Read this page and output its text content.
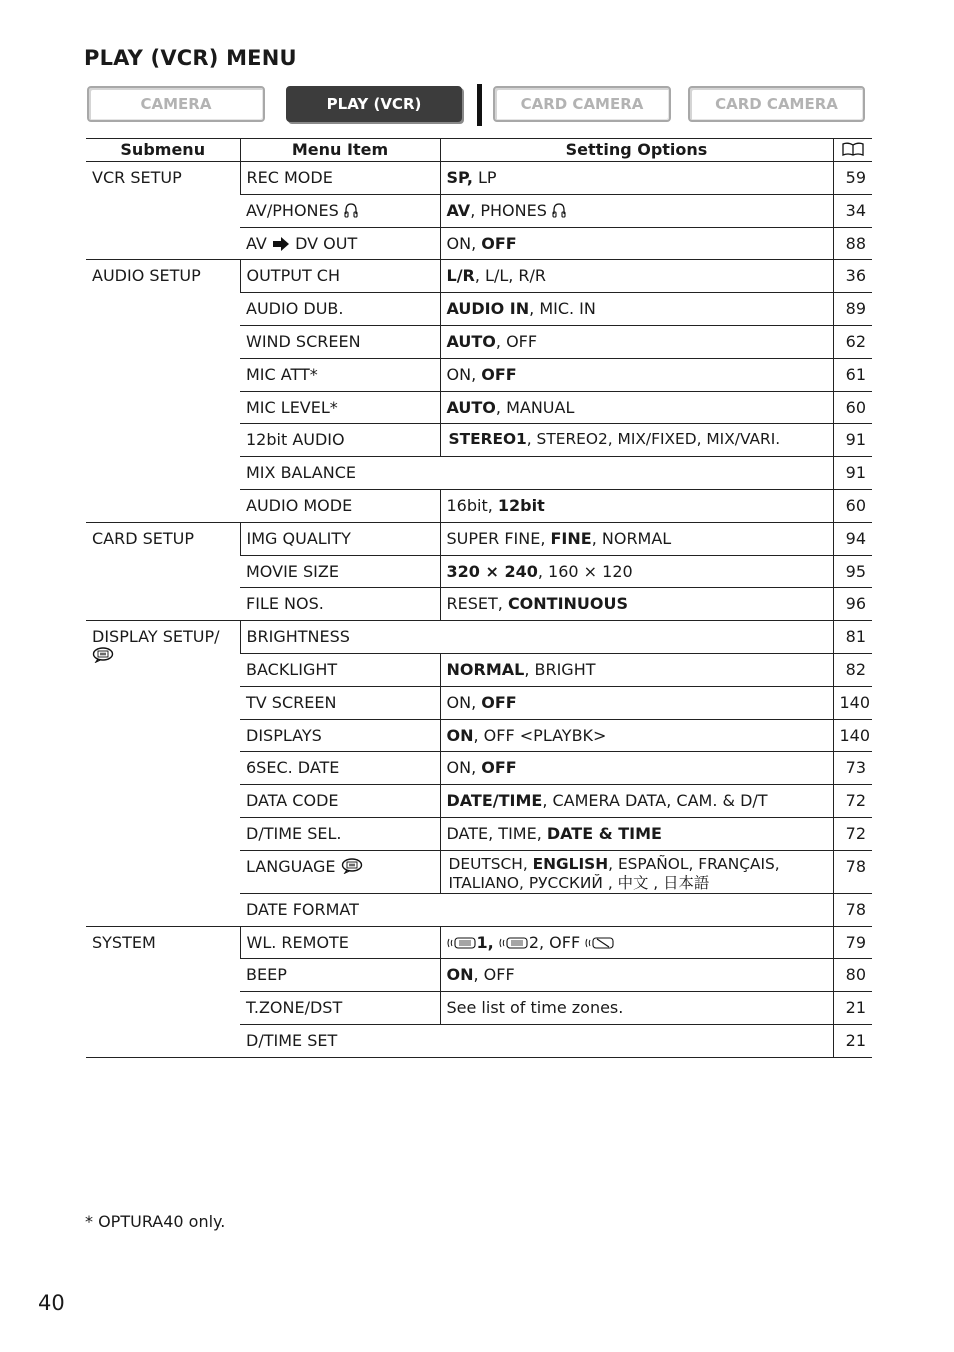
PLAY (VCR) MENU
CAMERA	PLAY (VCR)	CARD CAMERA	CARD CAMERA
Submenu	Menu Item	Setting Options	
VCR SETUP	REC MODE	SP, LP	59
	AV/PHONES	AV, PHONES	34
	AV DV OUT	ON, OFF	88
AUDIO SETUP	OUTPUT CH	L/R, L/L, R/R	36
	AUDIO DUB.	AUDIO IN, MIC. IN	89
	WIND SCREEN	AUTO, OFF	62
	MIC ATT*	ON, OFF	61
	MIC LEVEL*	AUTO, MANUAL	60
	12bit AUDIO	STEREO1, STEREO2, MIX/FIXED, MIX/VARI.	91
	MIX BALANCE		91
	AUDIO MODE	16bit, 12bit	60
CARD SETUP	IMG QUALITY	SUPER FINE, FINE, NORMAL	94
	MOVIE SIZE	320 × 240, 160 × 120	95
	FILE NOS.	RESET, CONTINUOUS	96
DISPLAY SETUP/	BRIGHTNESS		81
	BACKLIGHT	NORMAL, BRIGHT	82
	TV SCREEN	ON, OFF	140
	DISPLAYS	ON, OFF <PLAYBK>	140
	6SEC. DATE	ON, OFF	73
	DATA CODE	DATE/TIME, CAMERA DATA, CAM. & D/T	72
	D/TIME SEL.	DATE, TIME, DATE & TIME	72
	LANGUAGE	DEUTSCH, ENGLISH, ESPAÑOL, FRANÇAIS,
ITALIANO, РУССКИЙ , 中文 , 日本語	78
	DATE FORMAT		78
SYSTEM	WL. REMOTE	1, 2, OFF	79
	BEEP	ON, OFF	80
	T.ZONE/DST	See list of time zones.	21
	D/TIME SET		21
* OPTURA40 only.
40
